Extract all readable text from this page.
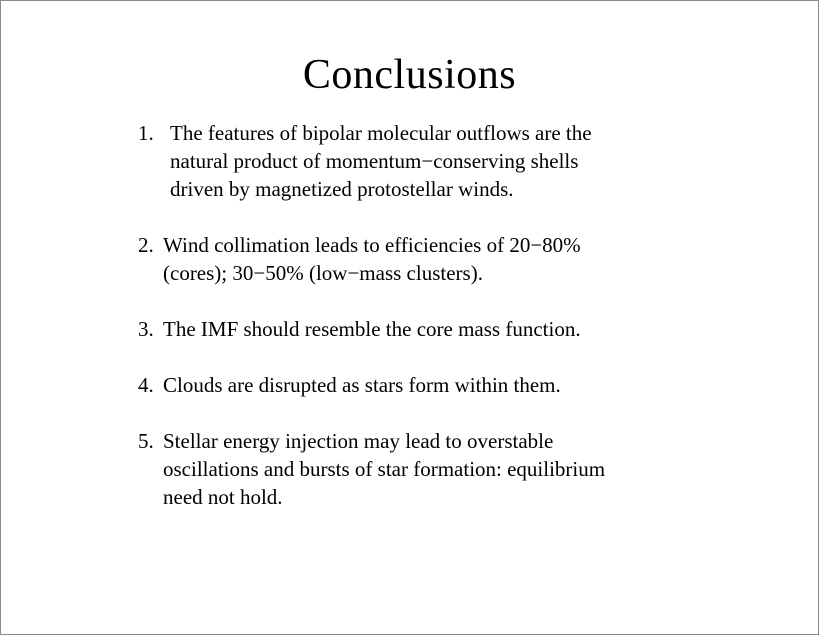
Conclusions
1. The features of bipolar molecular outflows are the
natural product of momentum−conserving shells
driven by magnetized protostellar winds.
2. Wind collimation leads to efficiencies of 20−80%
(cores); 30−50% (low−mass clusters).
3. The IMF should resemble the core mass function.
4. Clouds are disrupted as stars form within them.
5. Stellar energy injection may lead to overstable
oscillations and bursts of star formation: equilibrium
need not hold.
